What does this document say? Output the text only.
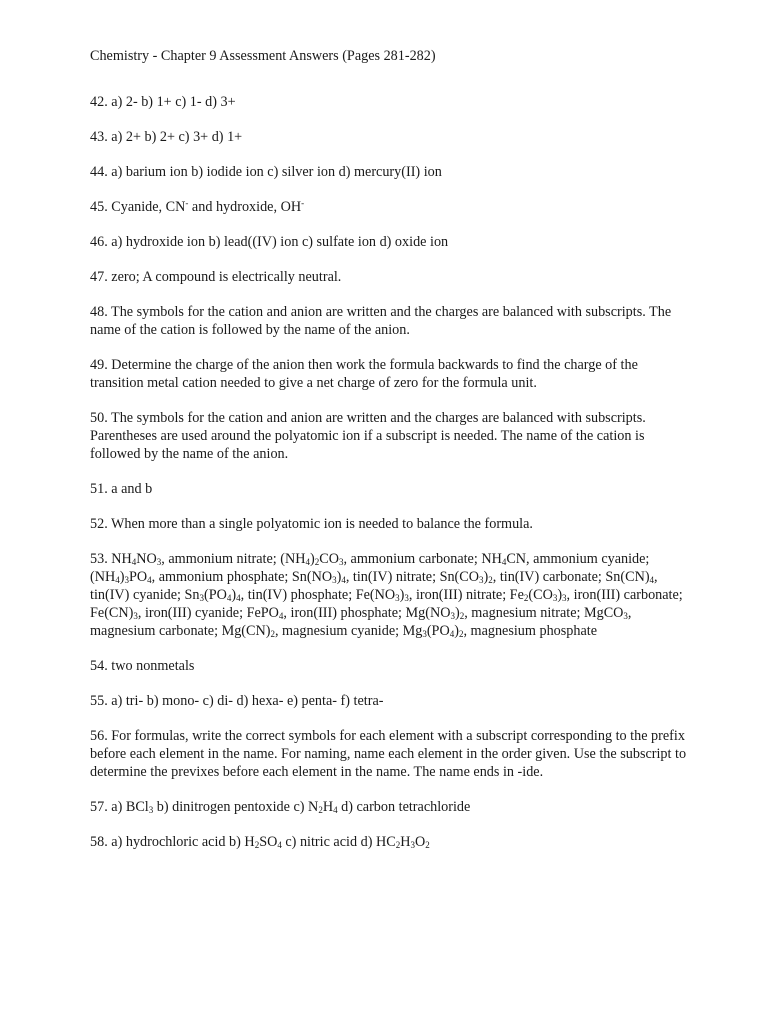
Chemistry - Chapter 9 Assessment Answers (Pages 281-282)
42. a) 2- b) 1+ c) 1- d) 3+
43. a) 2+ b) 2+ c) 3+ d) 1+
44. a) barium ion b) iodide ion c) silver ion d) mercury(II) ion
45. Cyanide, CN- and hydroxide, OH-
46. a) hydroxide ion b) lead((IV) ion c) sulfate ion d) oxide ion
47. zero; A compound is electrically neutral.
48. The symbols for the cation and anion are written and the charges are balanced with subscripts. The name of the cation is followed by the name of the anion.
49. Determine the charge of the anion then work the formula backwards to find the charge of the transition metal cation needed to give a net charge of zero for the formula unit.
50. The symbols for the cation and anion are written and the charges are balanced with subscripts. Parentheses are used around the polyatomic ion if a subscript is needed. The name of the cation is followed by the name of the anion.
51. a and b
52. When more than a single polyatomic ion is needed to balance the formula.
53. $NH_4NO_3$, ammonium nitrate; $(NH_4)_2CO_3$, ammonium carbonate; $NH_4CN$, ammonium cyanide; $(NH_4)_3PO_4$, ammonium phosphate; $Sn(NO_3)_4$, tin(IV) nitrate; $Sn(CO_3)_2$, tin(IV) carbonate; $Sn(CN)_4$, tin(IV) cyanide; $Sn_3(PO_4)_4$, tin(IV) phosphate; $Fe(NO_3)_3$, iron(III) nitrate; $Fe_2(CO_3)_3$, iron(III) carbonate; $Fe(CN)_3$, iron(III) cyanide; FePO$_4$, iron(III) phosphate; $Mg(NO_3)_2$, magnesium nitrate; MgCO$_3$, magnesium carbonate; $Mg(CN)_2$, magnesium cyanide; $Mg_3(PO_4)_2$, magnesium phosphate
54. two nonmetals
55. a) tri- b) mono- c) di- d) hexa- e) penta- f) tetra-
56. For formulas, write the correct symbols for each element with a subscript corresponding to the prefix before each element in the name. For naming, name each element in the order given. Use the subscript to determine the previxes before each element in the name. The name ends in -ide.
57. a) BCl$_3$ b) dinitrogen pentoxide c) $N_2H_4$ d) carbon tetrachloride
58. a) hydrochloric acid b) $H_2SO_4$ c) nitric acid d) $HC_2H_3O_2$
